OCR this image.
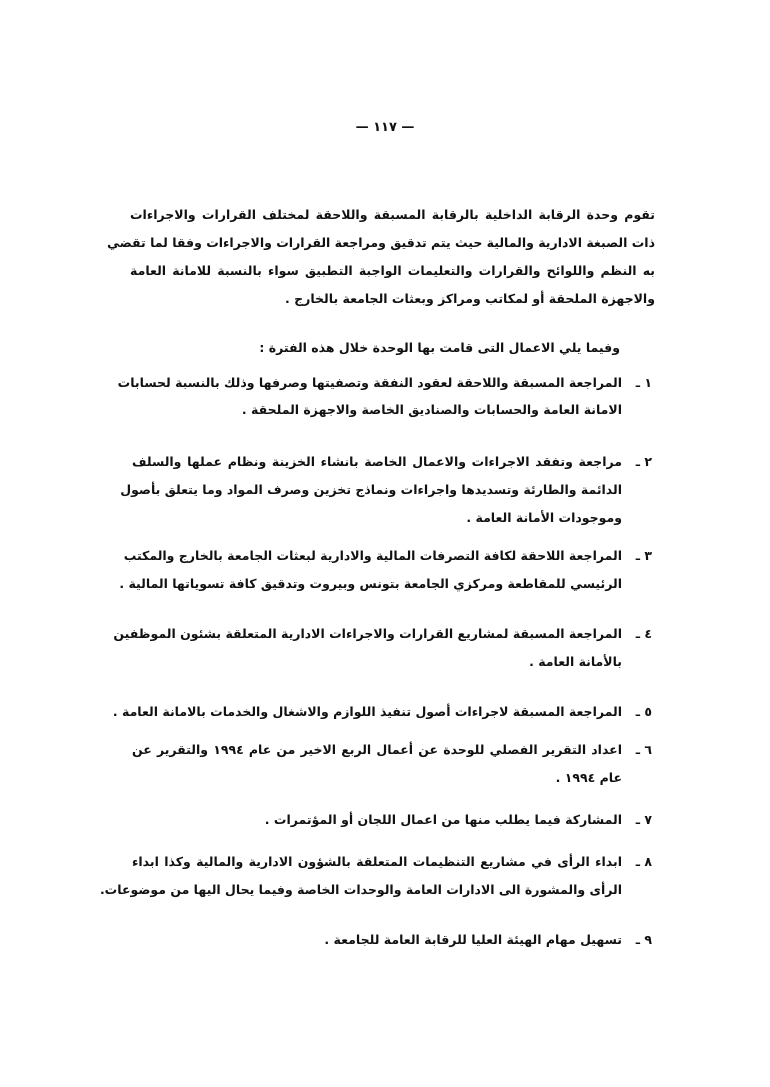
— ١١٧ —
تقوم وحدة الرقابة الداخلية بالرقابة المسبقة واللاحقة لمختلف القرارات والاجراءات
ذات الصبغة الادارية والمالية حيث يتم تدقيق ومراجعة القرارات والاجراءات وفقا لما تقضي
به النظم واللوائح والقرارات والتعليمات الواجبة التطبيق سواء بالنسبة للامانة العامة
والاجهزة الملحقة أو لمكاتب ومراكز وبعثات الجامعة بالخارج .
وفيما يلي الاعمال التى قامت بها الوحدة خلال هذه الفترة :
١ ـ
المراجعة المسبقة واللاحقة لعقود النفقة وتصفيتها وصرفها وذلك بالنسبة لحسابات
الامانة العامة والحسابات والصناديق الخاصة والاجهزة الملحقة .
٢ ـ
مراجعة وتفقد الاجراءات والاعمال الخاصة بانشاء الخزينة ونظام عملها والسلف
الدائمة والطارئة وتسديدها واجراءات ونماذج تخزين وصرف المواد وما يتعلق بأصول
وموجودات الأمانة العامة .
٣ ـ
المراجعة اللاحقة لكافة التصرفات المالية والادارية لبعثات الجامعة بالخارج والمكتب
الرئيسي للمقاطعة ومركزي الجامعة بتونس وبيروت وتدقيق كافة تسوياتها المالية .
٤ ـ
المراجعة المسبقة لمشاريع القرارات والاجراءات الادارية المتعلقة بشئون الموظفين
بالأمانة العامة .
٥ ـ
المراجعة المسبقة لاجراءات أصول تنفيذ اللوازم والاشغال والخدمات بالامانة العامة .
٦ ـ
اعداد التقرير الفصلي للوحدة عن أعمال الربع الاخير من عام ١٩٩٤ والتقرير عن
عام ١٩٩٤ .
٧ ـ
المشاركة فيما يطلب منها من اعمال اللجان أو المؤتمرات .
٨ ـ
ابداء الرأى في مشاريع التنظيمات المتعلقة بالشؤون الادارية والمالية وكذا ابداء
الرأى والمشورة الى الادارات العامة والوحدات الخاصة وفيما يحال اليها من موضوعات.
٩ ـ
تسهيل مهام الهيئة العليا للرقابة العامة للجامعة .
